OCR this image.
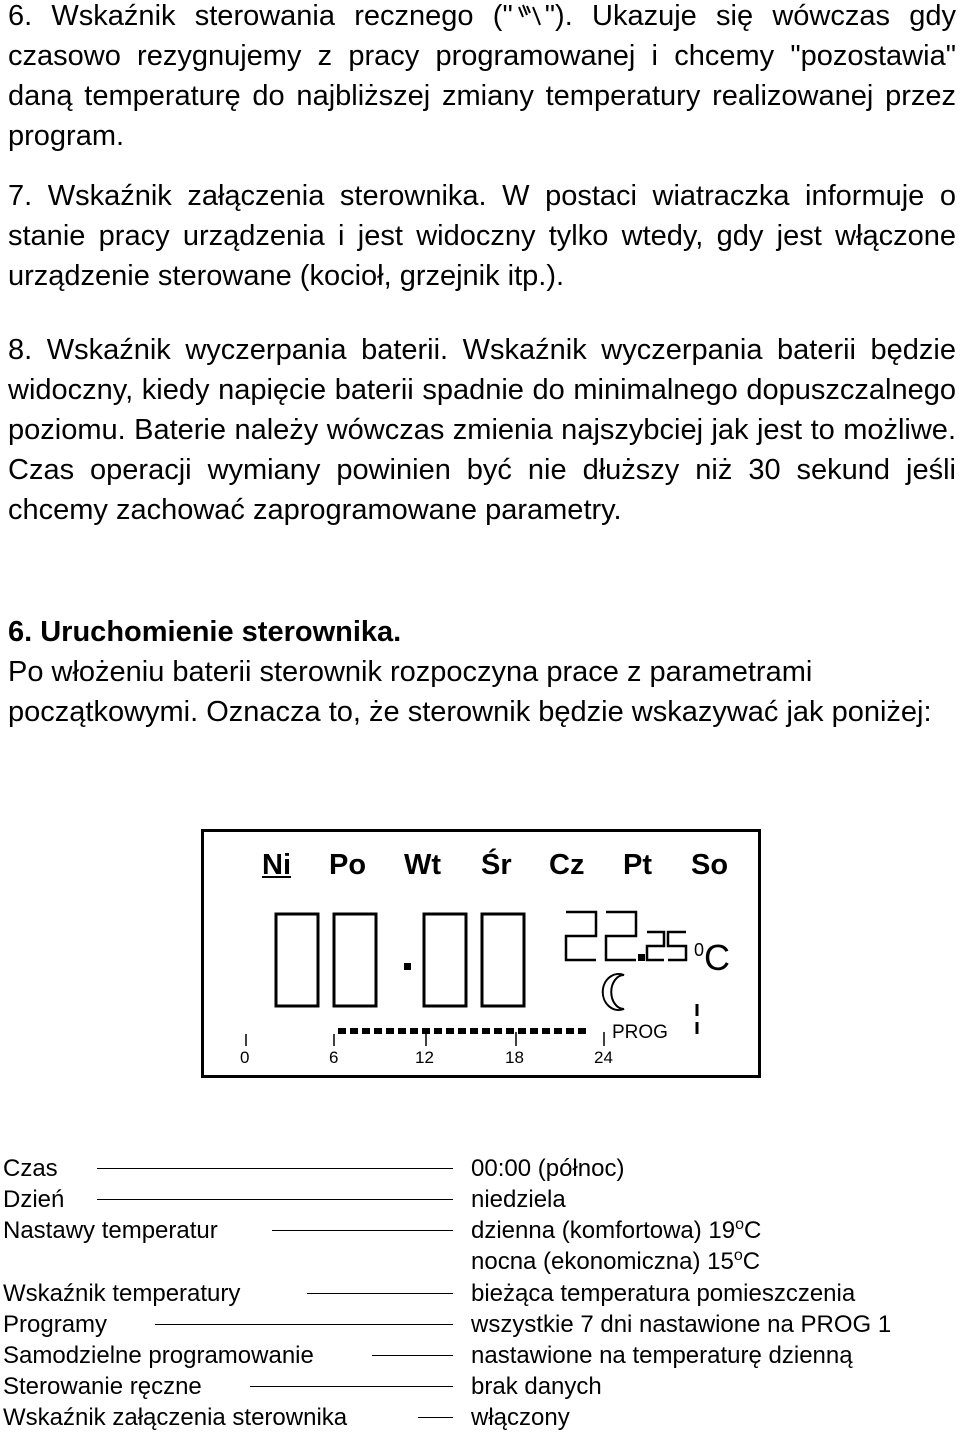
6. Wskaźnik sterowania recznego (" "). Ukazuje się wówczas gdy czasowo rezygnujemy z pracy programowanej i chcemy "pozostawia" daną temperaturę do najbliższej zmiany temperatury realizowanej przez program.

7. Wskaźnik załączenia sterownika. W postaci wiatraczka informuje o stanie pracy urządzenia i jest widoczny tylko wtedy, gdy jest włączone urządzenie sterowane (kocioł, grzejnik itp.).

8. Wskaźnik wyczerpania baterii. Wskaźnik wyczerpania baterii będzie widoczny, kiedy napięcie baterii spadnie do minimalnego dopuszczalnego poziomu. Baterie należy wówczas zmienia najszybciej jak jest to możliwe. Czas operacji wymiany powinien być nie dłuższy niż 30 sekund jeśli chcemy zachować zaprogramowane parametry.

6. Uruchomienie sterownika.

Po włożeniu baterii sterownik rozpoczyna prace z parametrami początkowymi. Oznacza to, że sterownik będzie wskazywać jak poniżej:

Ni Po Wt Śr Cz Pt So
$^0$C
PROG
0	6	12	18	24
Czas	00:00 (północ)
Dzień	niedziela
Nastawy temperatur	dzienna (komfortowa) 19$^o$C
nocna (ekonomiczna) 15$^o$C
Wskaźnik temperatury	bieżąca temperatura pomieszczenia
Programy	wszystkie 7 dni nastawione na PROG 1
Samodzielne programowanie	nastawione na temperaturę dzienną
Sterowanie ręczne	brak danych
Wskaźnik załączenia sterownika	włączony
